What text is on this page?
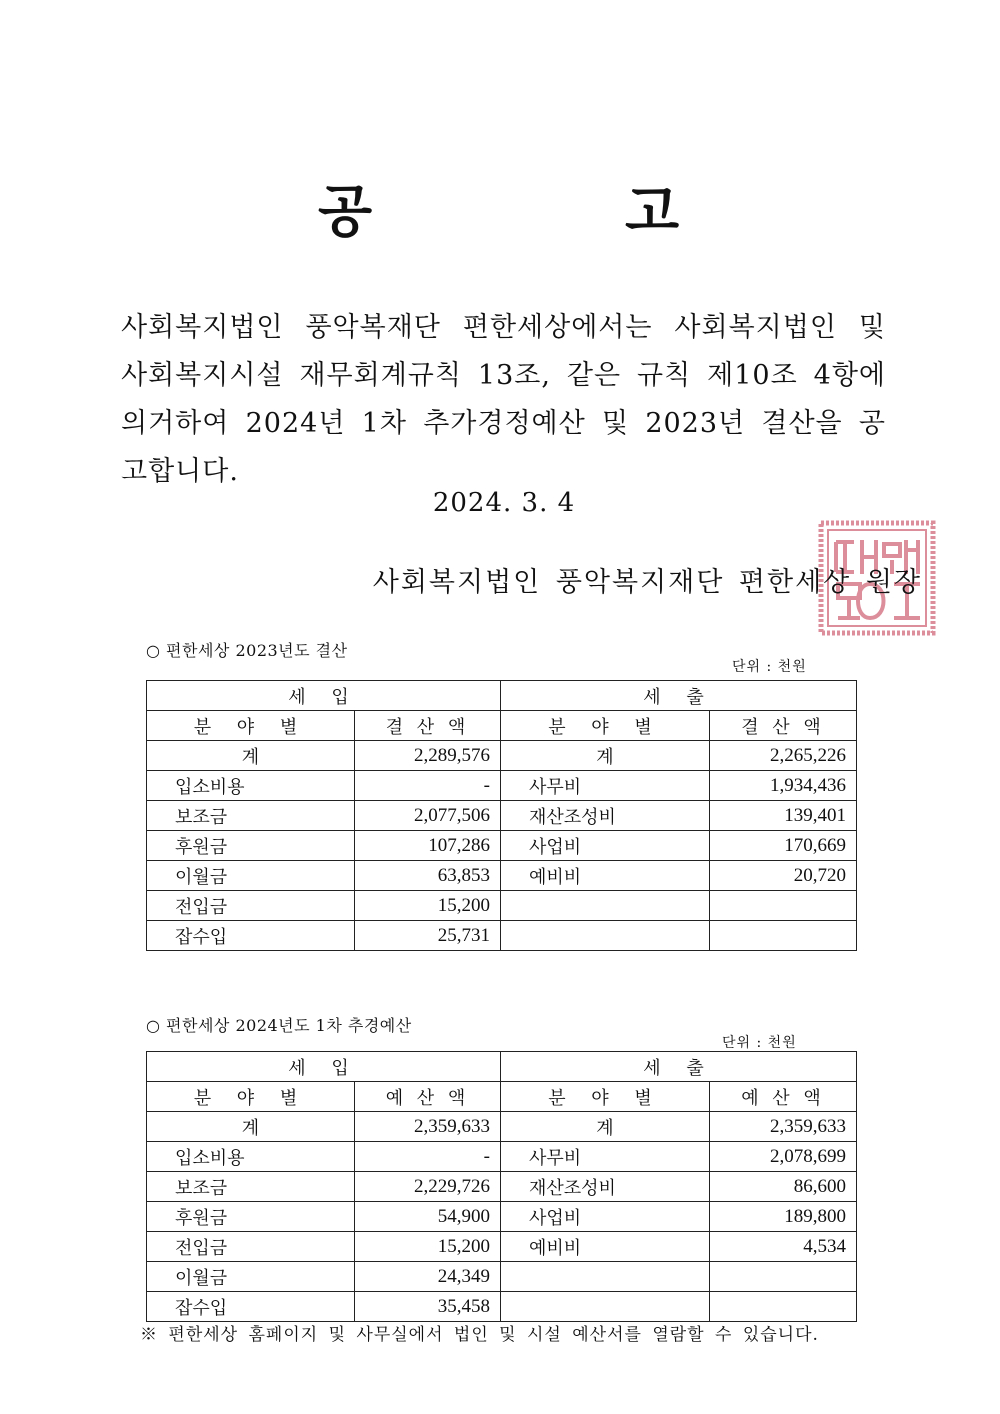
공	고
사회복지법인 풍악복재단 편한세상에서는 사회복지법인 및 사회복지시설 재무회계규칙 13조, 같은 규칙 제10조 4항에 의거하여 2024년 1차 추가경정예산 및 2023년 결산을 공고합니다.
2024. 3. 4
사회복지법인 풍악복지재단 편한세상 원장
○ 편한세상 2023년도 결산
단위 : 천원
세 입		세 출	
분 야 별	결 산 액	분 야 별	결 산 액
계	2,289,576	계	2,265,226
입소비용	-	사무비	1,934,436
보조금	2,077,506	재산조성비	139,401
후원금	107,286	사업비	170,669
이월금	63,853	예비비	20,720
전입금	15,200		
잡수입	25,731		
○ 편한세상 2024년도 1차 추경예산
단위 : 천원
세 입		세 출	
분 야 별	예 산 액	분 야 별	예 산 액
계	2,359,633	계	2,359,633
입소비용	-	사무비	2,078,699
보조금	2,229,726	재산조성비	86,600
후원금	54,900	사업비	189,800
전입금	15,200	예비비	4,534
이월금	24,349		
잡수입	35,458		
※ 편한세상 홈페이지 및 사무실에서 법인 및 시설 예산서를 열람할 수 있습니다.
